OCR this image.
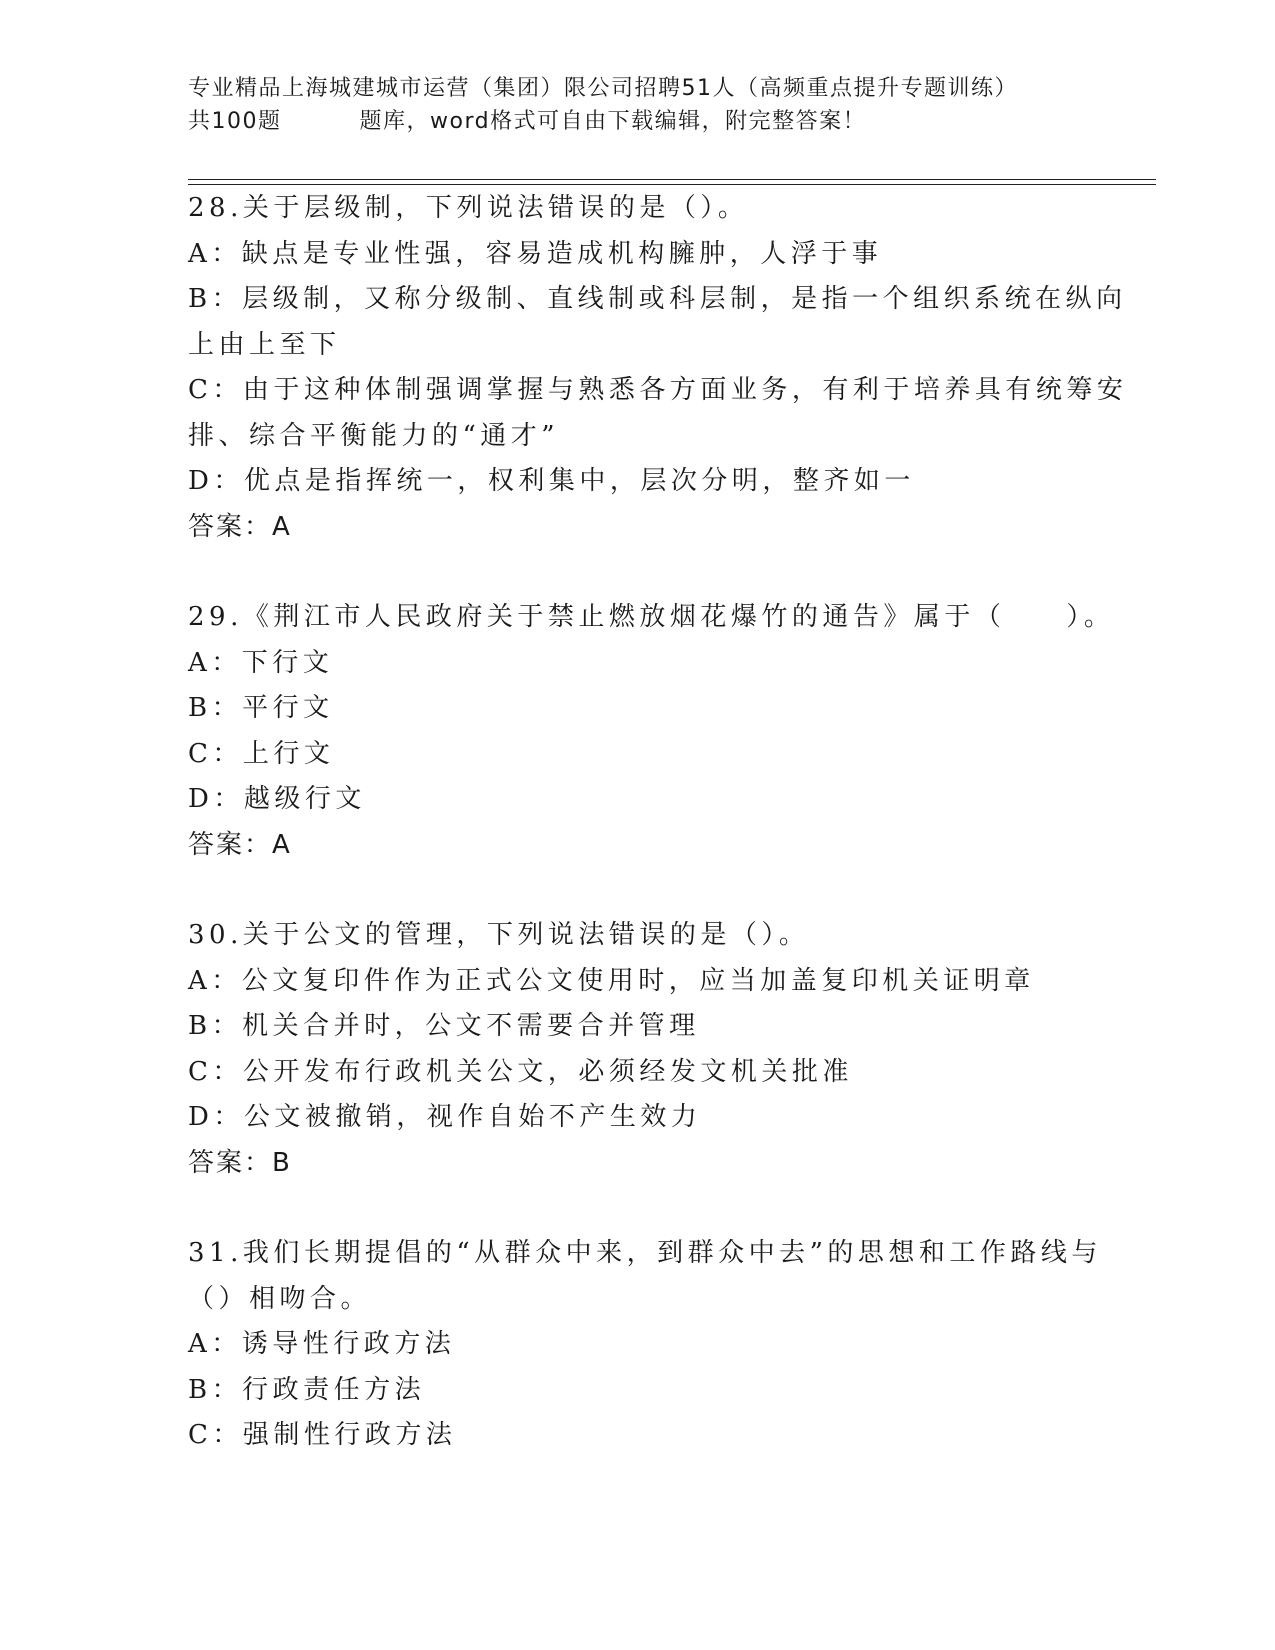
专业精品上海城建城市运营（集团）限公司招聘51人（高频重点提升专题训练）
共100题	题库，word格式可自由下载编辑，附完整答案！
28.关于层级制，下列说法错误的是（）。
A：缺点是专业性强，容易造成机构臃肿，人浮于事
B：层级制，又称分级制、直线制或科层制，是指一个组织系统在纵向
上由上至下
C：由于这种体制强调掌握与熟悉各方面业务，有利于培养具有统筹安
排、综合平衡能力的“通才”
D：优点是指挥统一，权利集中，层次分明，整齐如一
答案：A
29.《荆江市人民政府关于禁止燃放烟花爆竹的通告》属于（　　）。
A：下行文
B：平行文
C：上行文
D：越级行文
答案：A
30.关于公文的管理，下列说法错误的是（）。
A：公文复印件作为正式公文使用时，应当加盖复印机关证明章
B：机关合并时，公文不需要合并管理
C：公开发布行政机关公文，必须经发文机关批准
D：公文被撤销，视作自始不产生效力
答案：B
31.我们长期提倡的“从群众中来，到群众中去”的思想和工作路线与
（）相吻合。
A：诱导性行政方法
B：行政责任方法
C：强制性行政方法
